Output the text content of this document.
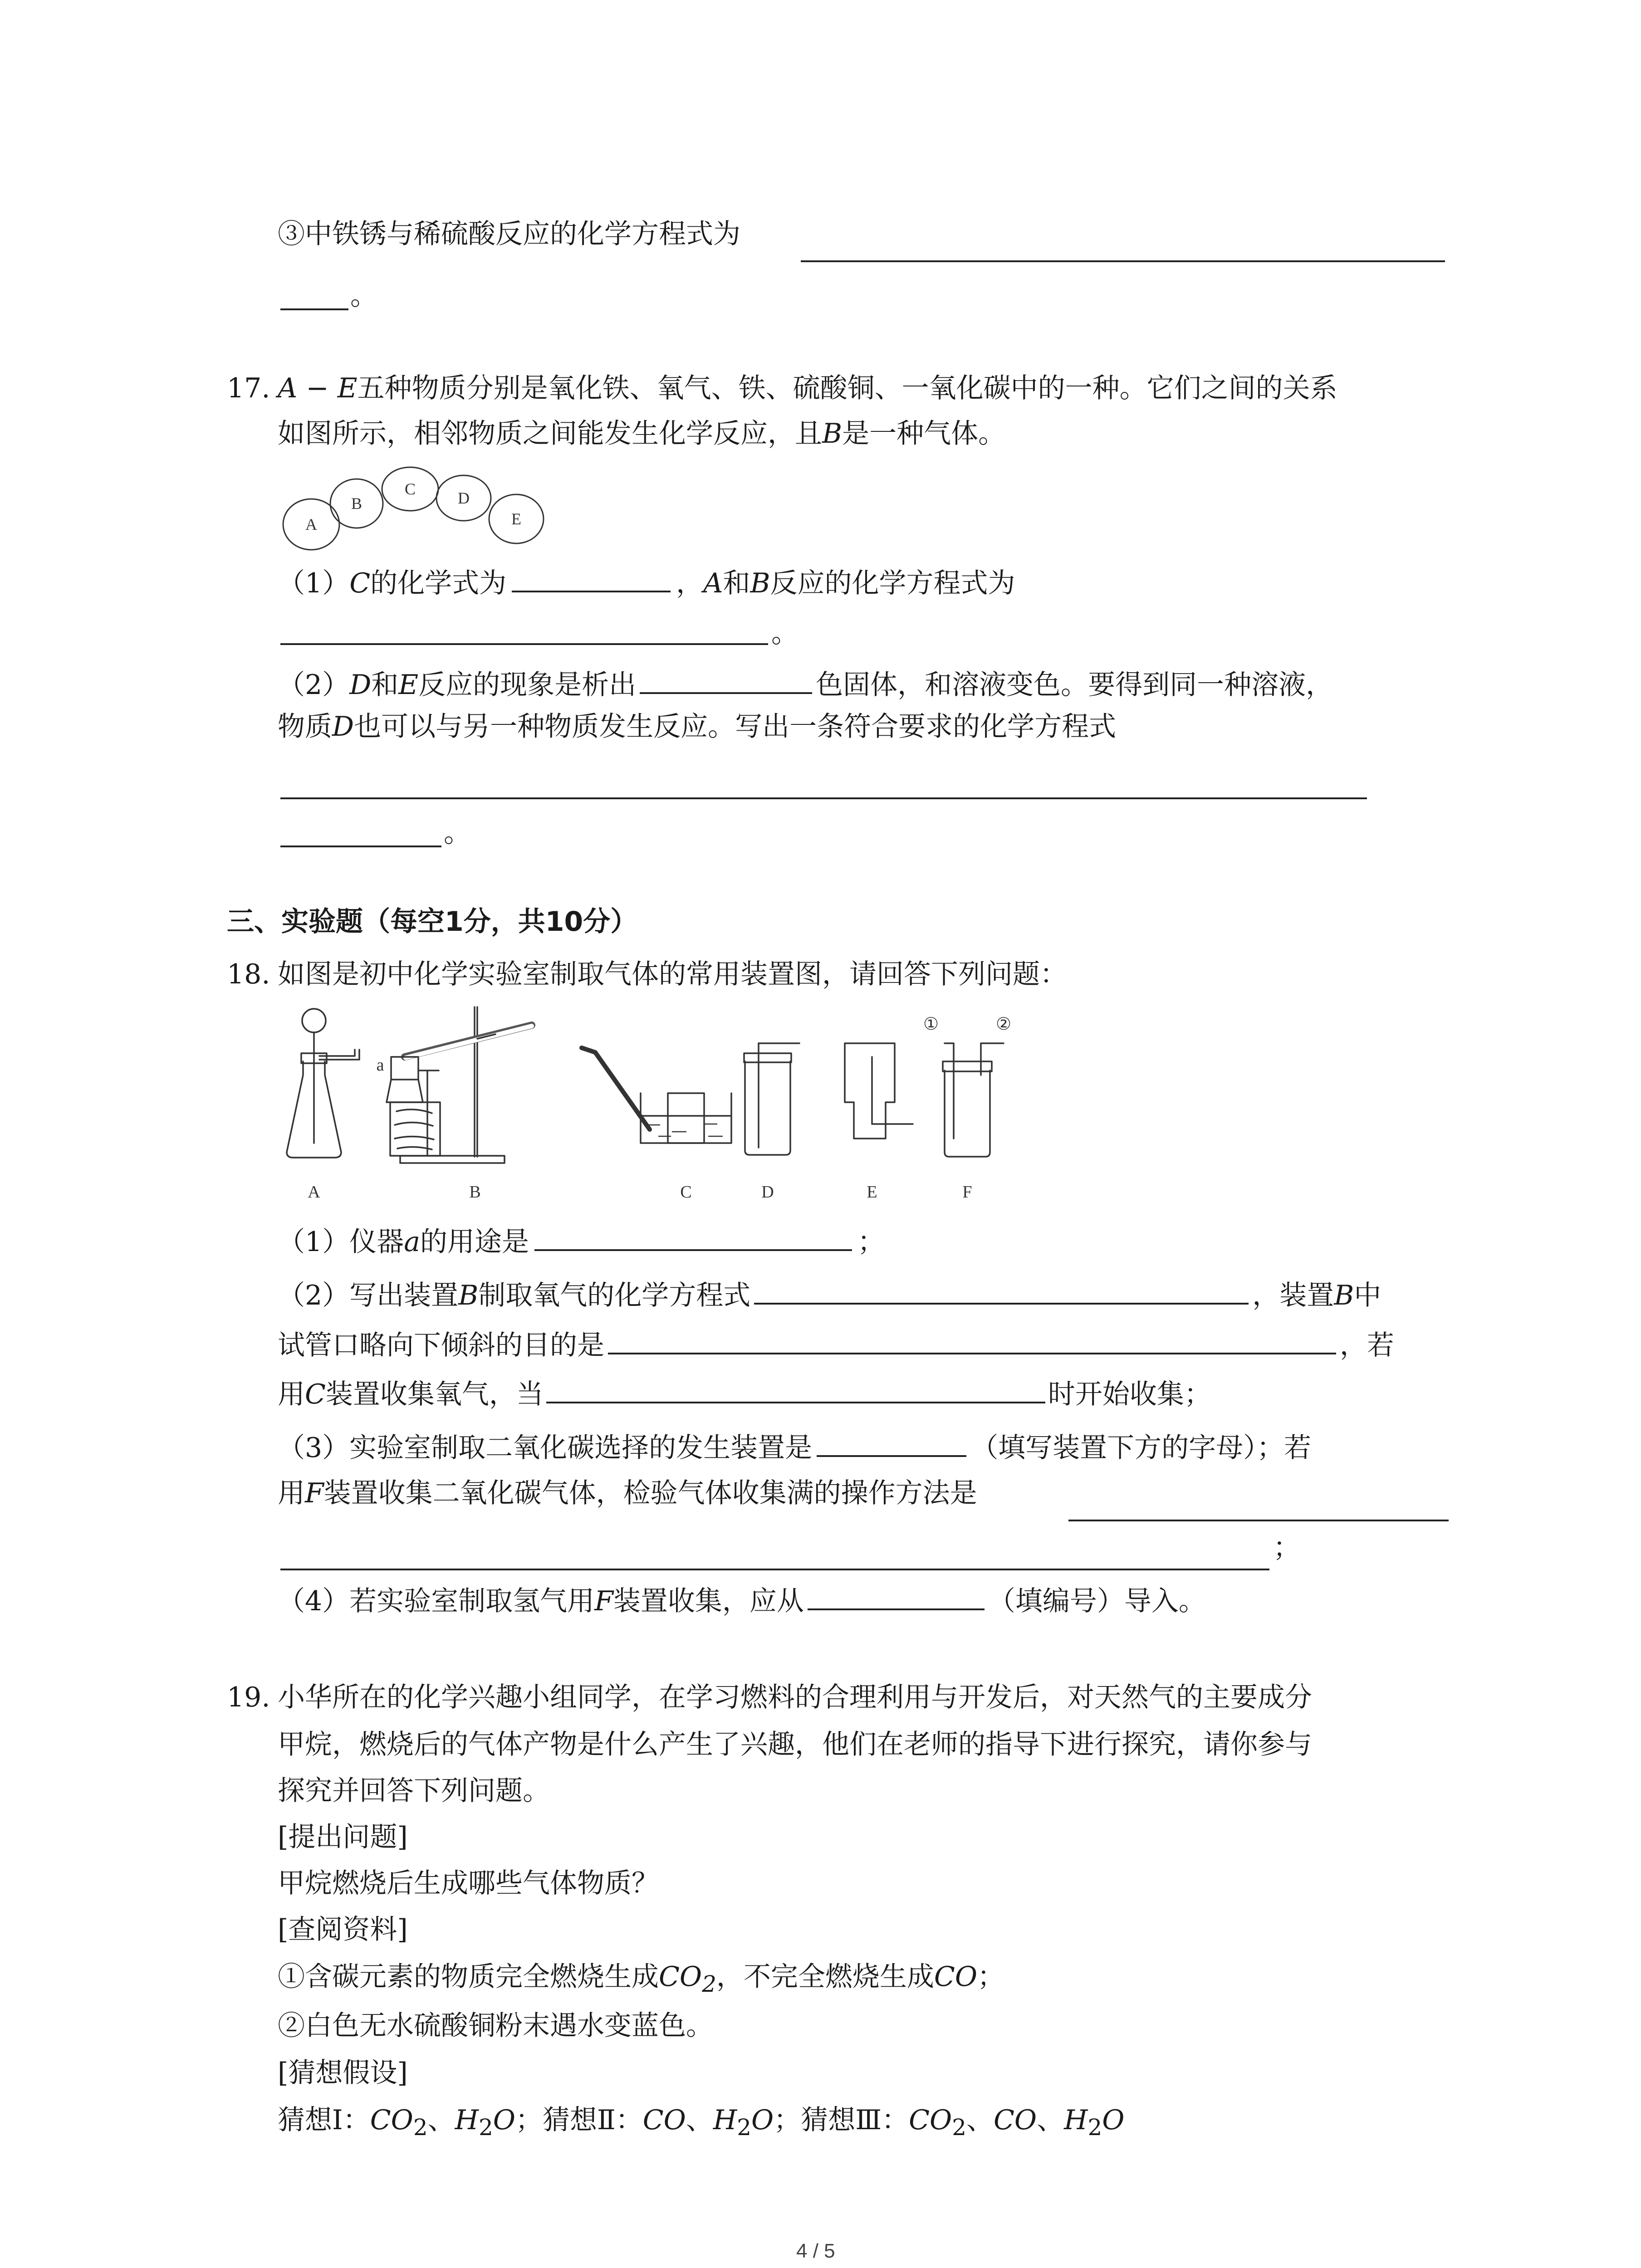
③中铁锈与稀硫酸反应的化学方程式为
。
17. A − E五种物质分别是氧化铁、氧气、铁、硫酸铜、一氧化碳中的一种。它们之间的关系
如图所示，相邻物质之间能发生化学反应，且B是一种气体。
A
B
C	D
E
（1）C的化学式为	，A和B反应的化学方程式为
。
（2）D和E反应的现象是析出	色固体，和溶液变色。要得到同一种溶液，
物质D也可以与另一种物质发生反应。写出一条符合要求的化学方程式
。
三、实验题（每空1分，共10分）
18. 如图是初中化学实验室制取气体的常用装置图，请回答下列问题：
a
①	②
A	B	C	D	E	F
（1）仪器a的用途是	；
（2）写出装置B制取氧气的化学方程式	，装置B中
试管口略向下倾斜的目的是	，若
用C装置收集氧气，当	时开始收集；
（3）实验室制取二氧化碳选择的发生装置是	（填写装置下方的字母）；若
用F装置收集二氧化碳气体，检验气体收集满的操作方法是
；
（4）若实验室制取氢气用F装置收集，应从	（填编号）导入。
19. 小华所在的化学兴趣小组同学，在学习燃料的合理利用与开发后，对天然气的主要成分
甲烷，燃烧后的气体产物是什么产生了兴趣，他们在老师的指导下进行探究，请你参与
探究并回答下列问题。
[提出问题]
甲烷燃烧后生成哪些气体物质？
[查阅资料]
①含碳元素的物质完全燃烧生成$CO_2$，不完全燃烧生成CO；
②白色无水硫酸铜粉末遇水变蓝色。
[猜想假设]
猜想Ⅰ：$CO_2$、$H_2O$；猜想Ⅱ：CO、$H_2O$；猜想Ⅲ：$CO_2$、CO、$H_2O$
4 / 5
